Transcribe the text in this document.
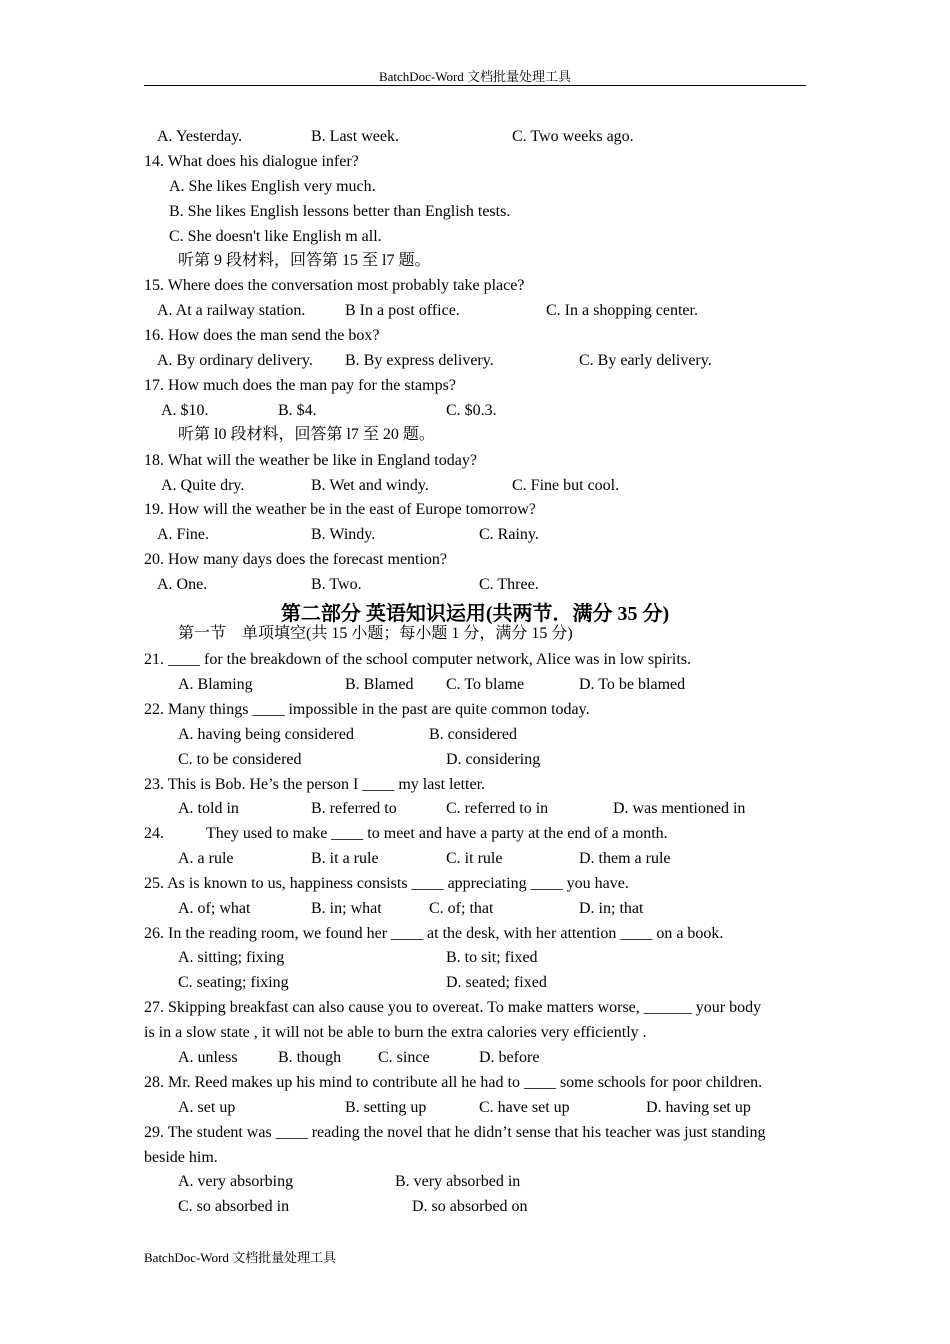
BatchDoc-Word 文档批量处理工具
A. Yesterday.	B. Last week.	C. Two weeks ago.
14. What does his dialogue infer?
A. She likes English very much.
B. She likes English lessons better than English tests.
C. She doesn't like English m all.
听第 9 段材料，回答第 15 至 l7 题。
15. Where does the conversation most probably take place?
A. At a railway station. B In a post office.	C. In a shopping center.
16. How does the man send the box?
A. By ordinary delivery. B. By express delivery.	C. By early delivery.
17. How much does the man pay for the stamps?
A. $10.	B. $4.	C. $0.3.
听第 l0 段材料，回答第 l7 至 20 题。
18. What will the weather be like in England today?
A. Quite dry.	B. Wet and windy.	C. Fine but cool.
19. How will the weather be in the east of Europe tomorrow?
A. Fine.	B. Windy.	C. Rainy.
20. How many days does the forecast mention?
A. One.	B. Two.	C. Three.
第二部分 英语知识运用(共两节．满分 35 分)
第一节    单项填空(共 15 小题；每小题 1 分，满分 15 分)
21. ____ for the breakdown of the school computer network, Alice was in low spirits.
A. Blaming	B. Blamed C. To blame	D. To be blamed
22. Many things ____ impossible in the past are quite common today.
A. having being considered	B. considered
C. to be considered	D. considering
23. This is Bob. He’s the person I ____ my last letter.
A. told in	B. referred to	C. referred to in	D. was mentioned in
24.	They used to make ____ to meet and have a party at the end of a month.
A. a rule	B. it a rule	C. it rule	D. them a rule
25. As is known to us, happiness consists ____ appreciating ____ you have.
A. of; what	B. in; what	C. of; that	D. in; that
26. In the reading room, we found her ____ at the desk, with her attention ____ on a book.
A. sitting; fixing	B. to sit; fixed
C. seating; fixing	D. seated; fixed
27. Skipping breakfast can also cause you to overeat. To make matters worse, ______ your body
is in a slow state , it will not be able to burn the extra calories very efficiently .
A. unless	B. though C. since	D. before
28. Mr. Reed makes up his mind to contribute all he had to ____ some schools for poor children.
A. set up	B. setting up	C. have set up	D. having set up
29. The student was ____ reading the novel that he didn’t sense that his teacher was just standing
beside him.
A. very absorbing	B. very absorbed in
C. so absorbed in	D. so absorbed on
BatchDoc-Word 文档批量处理工具
